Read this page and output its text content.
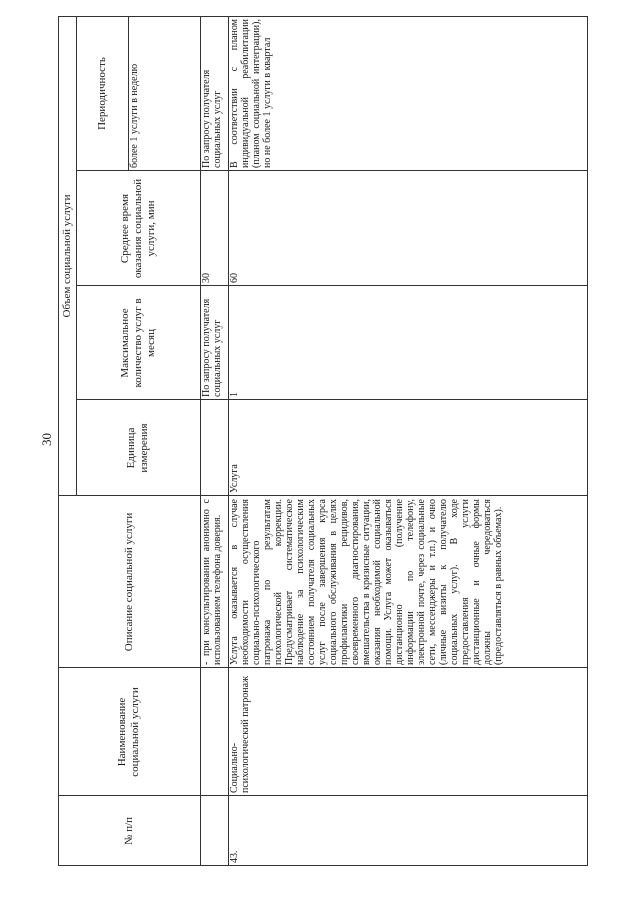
30
№ п/п
Наименование социальной услуги
Описание социальной услуги
Объем социальной услуги
Единица измерения
Максимальное количество услуг в месяц
Среднее время оказания социальной услуги, мин
Периодичность	более 1 услуги в неделю
- при консультировании анонимно с использованием телефона доверия.
По запросу получателя социальных услуг
30
По запросу получателя социальных услуг
43.
Социально-психологический патронаж
Услуга оказывается в случае необходимости осуществления социально-психологического патронажа по результатам психологической коррекции. Предусматривает систематическое наблюдение за психологическим состоянием получателя социальных услуг после завершения курса социального обслуживания в целях профилактики рецидивов, своевременного диагностирования, вмешательства в кризисные ситуации, оказания необходимой социальной помощи. Услуга может оказываться дистанционно (получение информации по телефону, электронной почте, через социальные сети, мессенджеры и т.п.) и очно (личные визиты к получателю социальных услуг). В ходе предоставления услуги дистанционные и очные формы должны чередоваться (предоставляться в равных объемах).
Услуга
1
60
В соответствии с планом индивидуальной реабилитации (планом социальной интеграции), но не более 1 услуги в квартал
